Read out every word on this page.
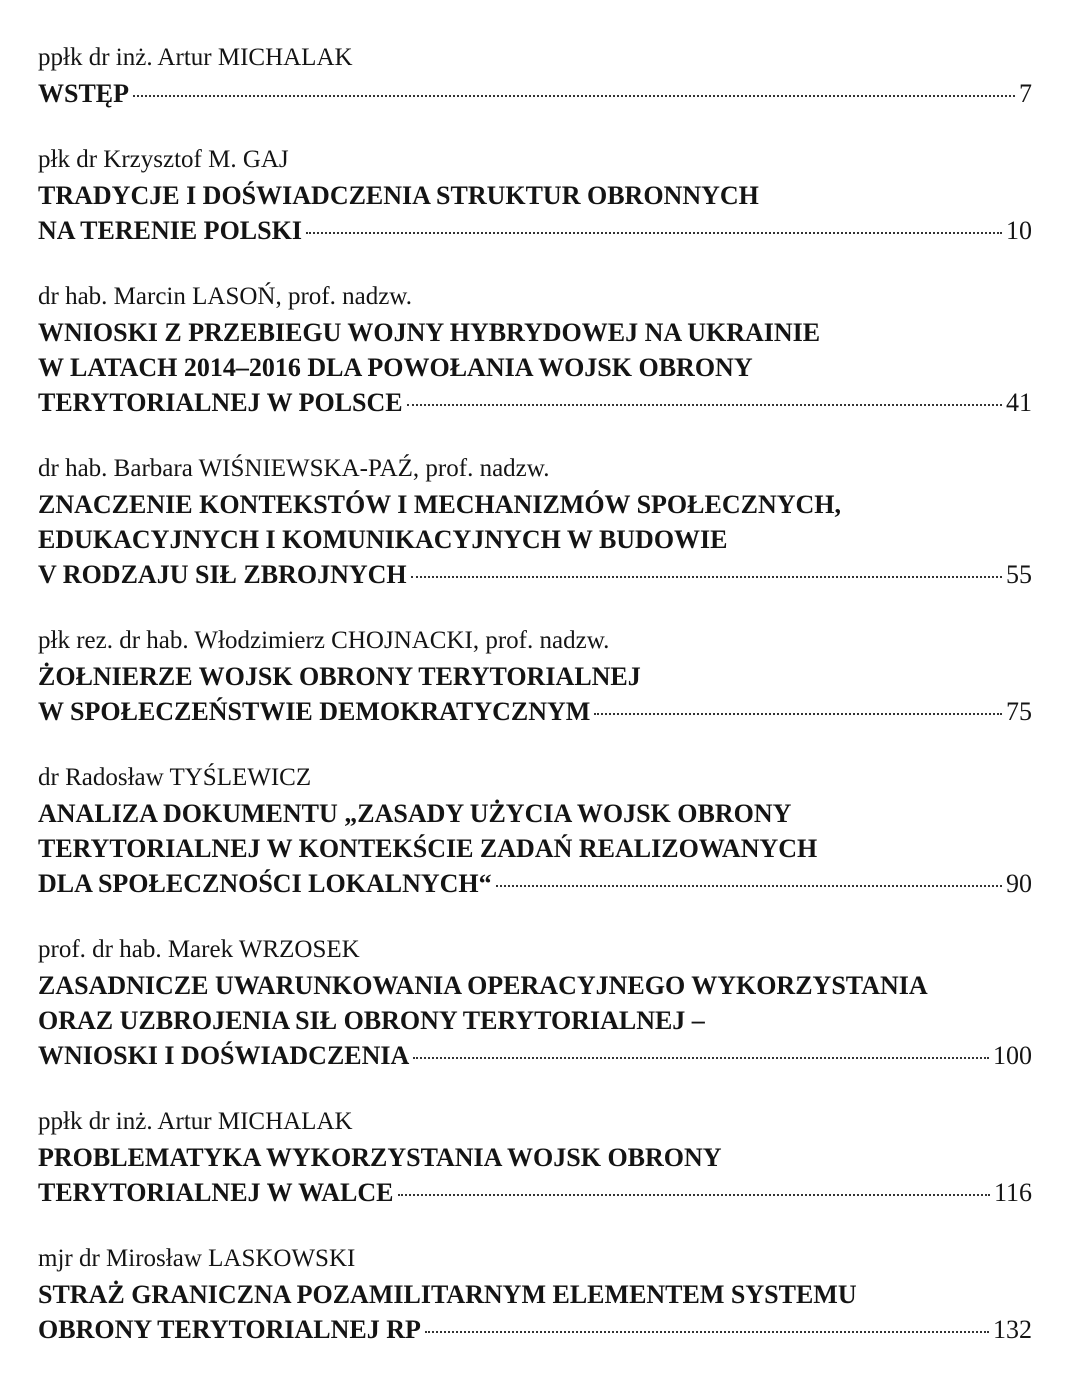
ppłk dr inż. Artur MICHALAK
WSTĘP	7
płk dr Krzysztof M. GAJ
TRADYCJE I DOŚWIADCZENIA STRUKTUR OBRONNYCH
NA TERENIE POLSKI	10
dr hab. Marcin LASOŃ, prof. nadzw.
WNIOSKI Z PRZEBIEGU WOJNY HYBRYDOWEJ NA UKRAINIE
W LATACH 2014–2016 DLA POWOŁANIA WOJSK OBRONY
TERYTORIALNEJ W POLSCE	41
dr hab. Barbara WIŚNIEWSKA-PAŹ, prof. nadzw.
ZNACZENIE KONTEKSTÓW I MECHANIZMÓW SPOŁECZNYCH,
EDUKACYJNYCH I KOMUNIKACYJNYCH W BUDOWIE
V RODZAJU SIŁ ZBROJNYCH	55
płk rez. dr hab. Włodzimierz CHOJNACKI, prof. nadzw.
ŻOŁNIERZE WOJSK OBRONY TERYTORIALNEJ
W SPOŁECZEŃSTWIE DEMOKRATYCZNYM	75
dr Radosław TYŚLEWICZ
ANALIZA DOKUMENTU „ZASADY UŻYCIA WOJSK OBRONY
TERYTORIALNEJ W KONTEKŚCIE ZADAŃ REALIZOWANYCH
DLA SPOŁECZNOŚCI LOKALNYCH“	90
prof. dr hab. Marek WRZOSEK
ZASADNICZE UWARUNKOWANIA OPERACYJNEGO WYKORZYSTANIA
ORAZ UZBROJENIA SIŁ OBRONY TERYTORIALNEJ –
WNIOSKI I DOŚWIADCZENIA	100
ppłk dr inż. Artur MICHALAK
PROBLEMATYKA WYKORZYSTANIA WOJSK OBRONY
TERYTORIALNEJ W WALCE	116
mjr dr Mirosław LASKOWSKI
STRAŻ GRANICZNA POZAMILITARNYM ELEMENTEM SYSTEMU
OBRONY TERYTORIALNEJ RP	132
